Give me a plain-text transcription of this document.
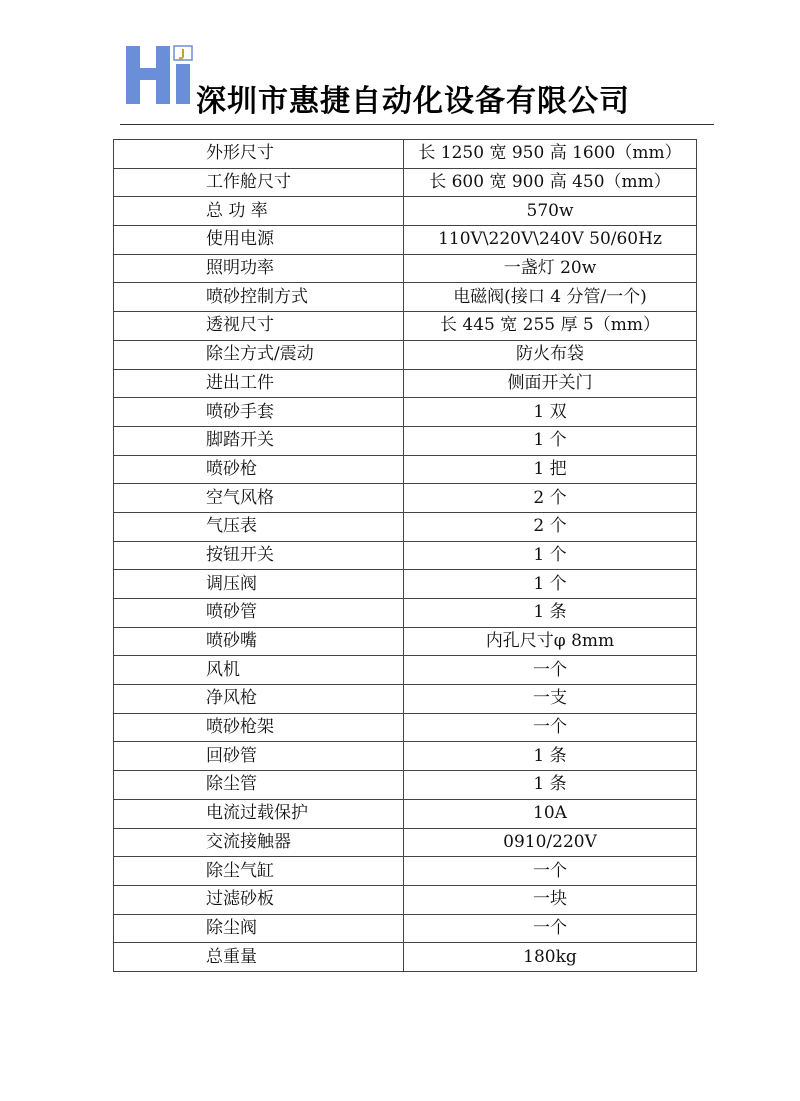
深圳市惠捷自动化设备有限公司
外形尺寸	长 1250 宽 950 高 1600（mm）
工作舱尺寸	长 600 宽 900 高 450（mm）
总 功 率	570w
使用电源	110V\220V\240V 50/60Hz
照明功率	一盏灯 20w
喷砂控制方式	电磁阀(接口 4 分管/一个)
透视尺寸	长 445 宽 255 厚 5（mm）
除尘方式/震动	防火布袋
进出工件	侧面开关门
喷砂手套	1 双
脚踏开关	1 个
喷砂枪	1 把
空气风格	2 个
气压表	2 个
按钮开关	1 个
调压阀	1 个
喷砂管	1 条
喷砂嘴	内孔尺寸φ 8mm
风机	一个
净风枪	一支
喷砂枪架	一个
回砂管	1 条
除尘管	1 条
电流过载保护	10A
交流接触器	0910/220V
除尘气缸	一个
过滤砂板	一块
除尘阀	一个
总重量	180kg
